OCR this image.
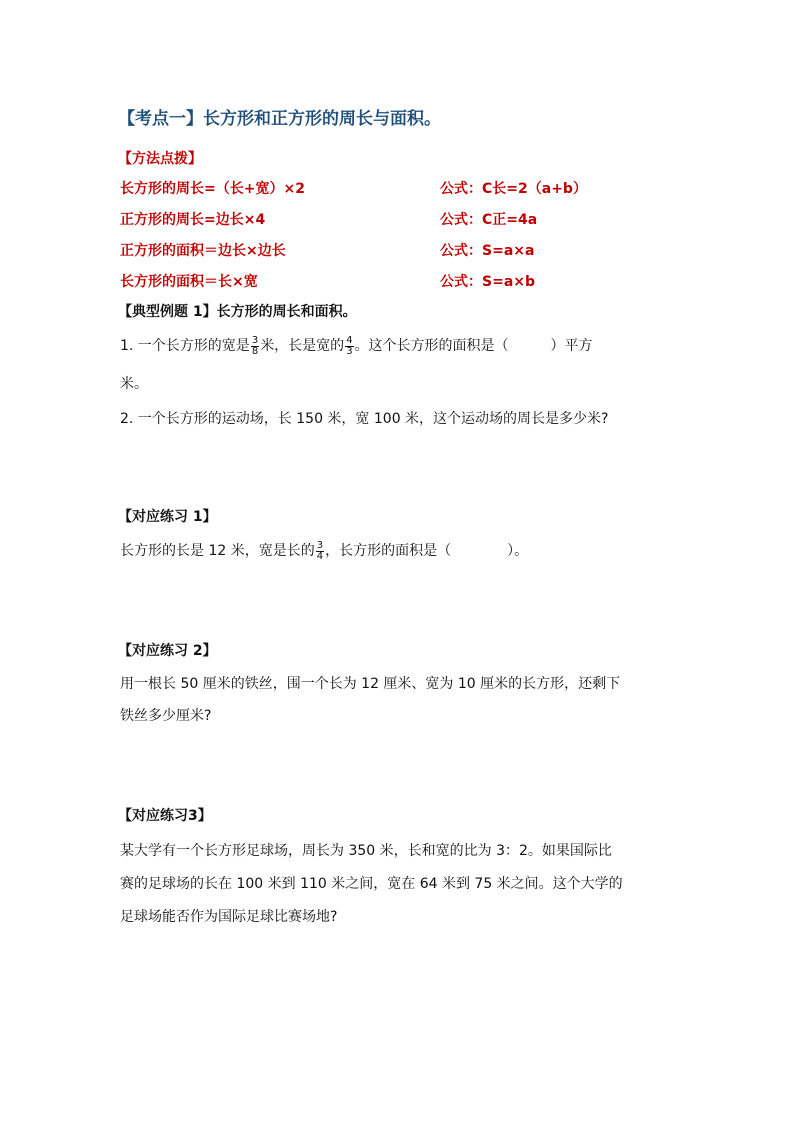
【考点一】长方形和正方形的周长与面积。
【方法点拨】
长方形的周长=（长+宽）×2	公式：C长=2（a+b）
正方形的周长=边长×4	公式：C正=4a
正方形的面积＝边长×边长	公式：S=a×a
长方形的面积＝长×宽	公式：S=a×b
【典型例题 1】长方形的周长和面积。
1. 一个长方形的宽是 $\frac{3}{8}$ 米，长是宽的 $\frac{4}{3}$ 。这个长方形的面积是（　　　）平方
米。
2. 一个长方形的运动场，长 150 米，宽 100 米，这个运动场的周长是多少米?
【对应练习 1】
长方形的长是 12 米，宽是长的 $\frac{3}{4}$ ，长方形的面积是（　　　　）。
【对应练习 2】
用一根长 50 厘米的铁丝，围一个长为 12 厘米、宽为 10 厘米的长方形，还剩下
铁丝多少厘米?
【对应练习3】
某大学有一个长方形足球场，周长为 350 米，长和宽的比为 3：2。如果国际比
赛的足球场的长在 100 米到 110 米之间，宽在 64 米到 75 米之间。这个大学的
足球场能否作为国际足球比赛场地?
